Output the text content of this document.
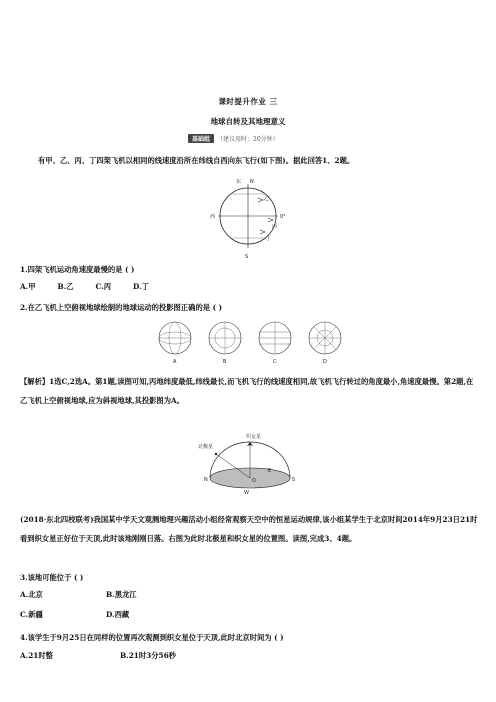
课时提升作业 三
地球自转及其地理意义
基础组	（建议用时：20分钟）
有甲、乙、丙、丁四架飞机以相同的线速度沿所在纬线自西向东飞行(如下图)。据此回答1、2题。
东 N
S
西	0°
乙
丙
丁
1.四架飞机运动角速度最慢的是 ( )
A.甲	B.乙	C.丙	D.丁
2.在乙飞机上空俯视地球绘制的地球运动的投影图正确的是 ( )
A	B	C	D
【解析】1选C,2选A。第1题,读图可知,丙地纬度最低,纬线最长,而飞机飞行的线速度相同,故飞机飞行转过的角度最小,角速度最慢。第2题,在乙飞机上空俯视地球,应为斜视地球,其投影图为A。
织女星
北极星
N	S
E
W
O
(2018·东北四校联考)我国某中学天文观测地理兴趣活动小组经常观察天空中的恒星运动规律,该小组某学生于北京时间2014年9月23日21时看到织女星正好位于天顶,此时该地刚刚日落。右图为此时北极星和织女星的位置图。读图,完成3、4题。
3.该地可能位于 ( )
A.北京	B.黑龙江
C.新疆	D.西藏
4.该学生于9月25日在同样的位置再次观测到织女星位于天顶,此时北京时间为 ( )
A.21时整	B.21时3分56秒
